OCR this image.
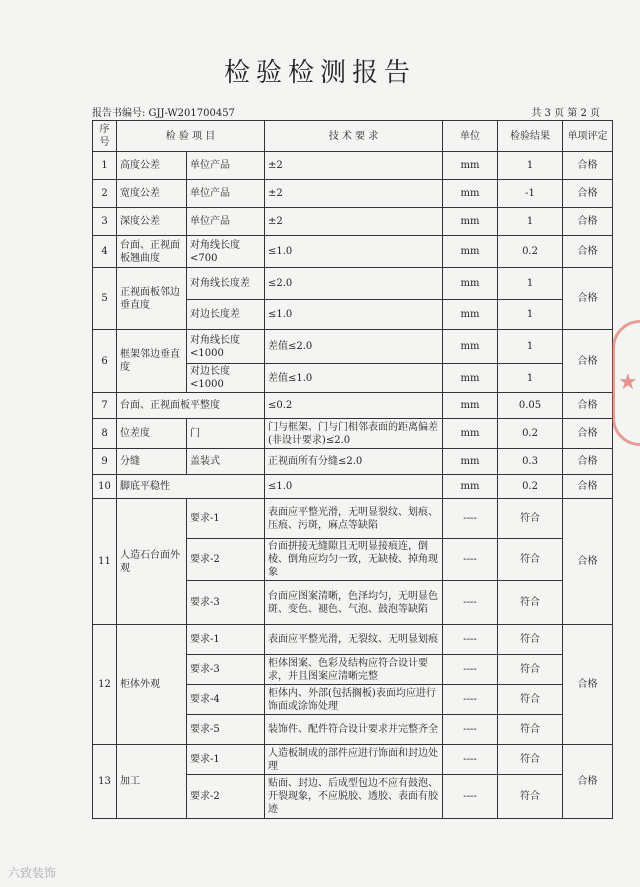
检验检测报告
报告书编号: GJJ-W201700457	共 3 页 第 2 页
序号	检 验 项 目		技 术 要 求	单位	检验结果	单项评定
1	高度公差	单位产品	±2	mm	1	合格
2	宽度公差	单位产品	±2	mm	-1	合格
3	深度公差	单位产品	±2	mm	1	合格
4	台面、正视面板翘曲度	对角线长度<700	≤1.0	mm	0.2	合格
5	正视面板邻边垂直度	对角线长度差	≤2.0	mm	1	合格
		对边长度差	≤1.0	mm	1	
6	框架邻边垂直度	对角线长度<1000	差值≤2.0	mm	1	合格
		对边长度<1000	差值≤1.0	mm	1	
7	台面、正视面板平整度		≤0.2	mm	0.05	合格
8	位差度	门	门与框架、门与门相邻表面的距离偏差(非设计要求)≤2.0	mm	0.2	合格
9	分缝	盖装式	正视面所有分缝≤2.0	mm	0.3	合格
10	脚底平稳性		≤1.0	mm	0.2	合格
11	人造石台面外观	要求-1	表面应平整光滑，无明显裂纹、划痕、压痕、污斑，麻点等缺陷	----	符合	合格
		要求-2	台面拼接无缝隙且无明显接痕连，倒棱、倒角应均匀一致，无缺棱、掉角现象	----	符合	
		要求-3	台面应图案清晰，色泽均匀，无明显色斑、变色、褪色、气泡、鼓泡等缺陷	----	符合	
12	柜体外观	要求-1	表面应平整光滑，无裂纹、无明显划痕	----	符合	合格
		要求-3	柜体图案、色彩及结构应符合设计要求，并且图案应清晰完整	----	符合	
		要求-4	柜体内、外部(包括搁板)表面均应进行饰面或涂饰处理	----	符合	
		要求-5	装饰件、配件符合设计要求并完整齐全	----	符合	
13	加工	要求-1	人造板制成的部件应进行饰面和封边处理	----	符合	合格
		要求-2	贴面、封边、后成型包边不应有鼓泡、开裂现象，不应脱胶、透胶、表面有胶迹	----	符合	
★
六致装饰
